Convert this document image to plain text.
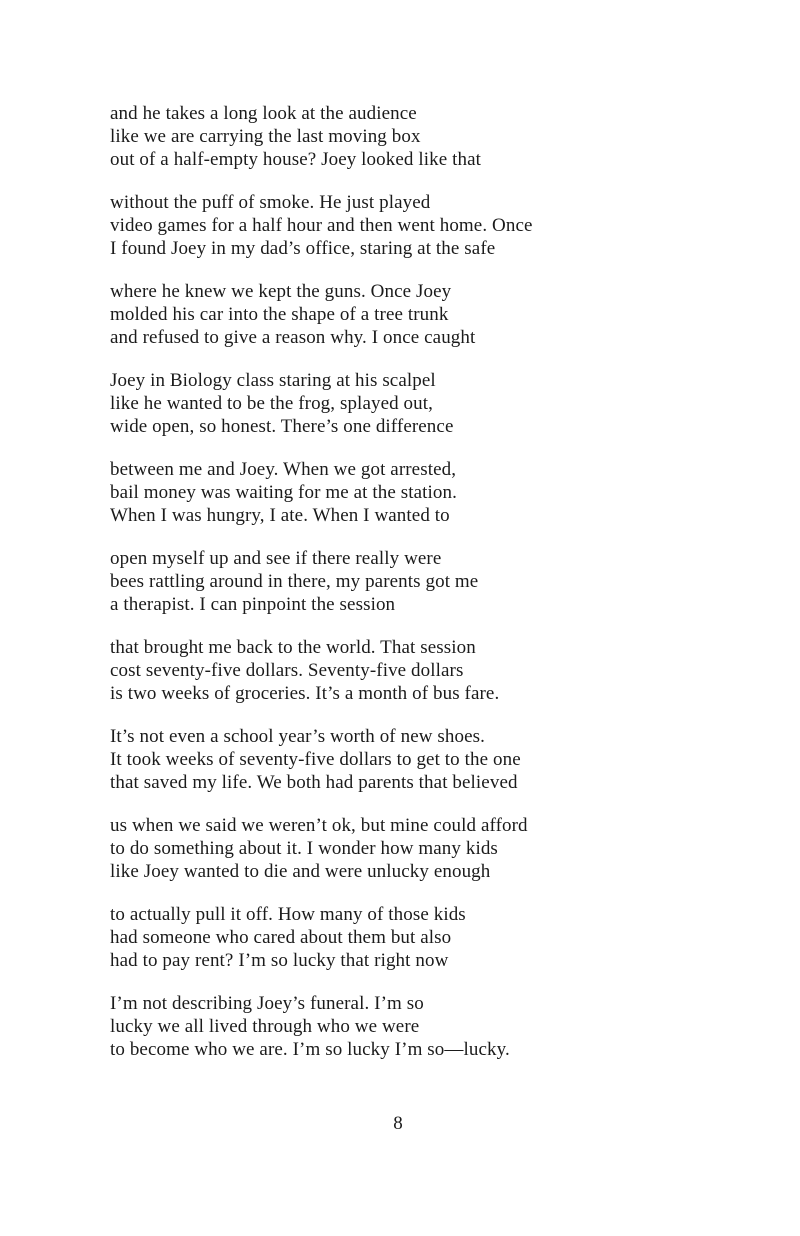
and he takes a long look at the audience
like we are carrying the last moving box
out of a half-empty house? Joey looked like that
without the puff of smoke. He just played
video games for a half hour and then went home. Once
I found Joey in my dad’s office, staring at the safe
where he knew we kept the guns. Once Joey
molded his car into the shape of a tree trunk
and refused to give a reason why. I once caught
Joey in Biology class staring at his scalpel
like he wanted to be the frog, splayed out,
wide open, so honest. There’s one difference
between me and Joey. When we got arrested,
bail money was waiting for me at the station.
When I was hungry, I ate. When I wanted to
open myself up and see if there really were
bees rattling around in there, my parents got me
a therapist. I can pinpoint the session
that brought me back to the world. That session
cost seventy-five dollars. Seventy-five dollars
is two weeks of groceries. It’s a month of bus fare.
It’s not even a school year’s worth of new shoes.
It took weeks of seventy-five dollars to get to the one
that saved my life. We both had parents that believed
us when we said we weren’t ok, but mine could afford
to do something about it. I wonder how many kids
like Joey wanted to die and were unlucky enough
to actually pull it off. How many of those kids
had someone who cared about them but also
had to pay rent? I’m so lucky that right now
I’m not describing Joey’s funeral. I’m so
lucky we all lived through who we were
to become who we are. I’m so lucky I’m so—lucky.
8
